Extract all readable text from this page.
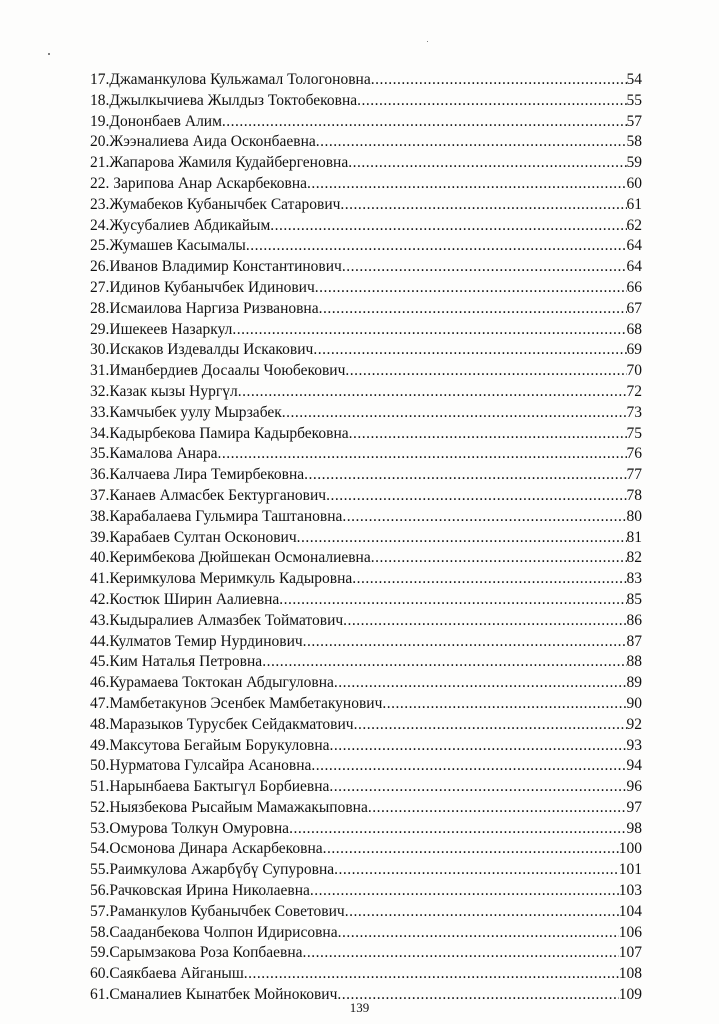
17.Джаманкулова Кульжамал Тологоновна .....	54
18.Джылкычиева Жылдыз Токтобековна .....	55
19.Донoнбаев Алим .....	57
20.Жээналиева Аида Осконбаевна .....	58
21.Жапарова Жамиля Кудайбергеновна .....	59
22. Зарипова Анар Аскарбековна .....	60
23.Жумабеков Кубанычбек Сатарович .....	61
24.Жусубалиев Абдикайым .....	62
25.Жумашев Касымалы .....	64
26.Иванов Владимир Константинович .....	64
27.Идинов Кубанычбек Идинович .....	66
28.Исмаилова Наргиза Ризвановна .....	67
29.Ишекеев Назаркул .....	68
30.Искаков Издевалды Искакович .....	69
31.Иманбердиев Досаалы Чоюбекович .....	70
32.Казак кызы Нургүл .....	72
33.Камчыбек уулу Мырзабек .....	73
34.Кадырбекова Памира Кадырбековна .....	75
35.Камалова Анара .....	76
36.Калчаева Лира Темирбековна .....	77
37.Канаев Алмасбек Бектурганович .....	78
38.Карабалаева Гульмира Таштановна .....	80
39.Карабаев Султан Осконович .....	81
40.Керимбекова Дюйшекан Осмоналиевна .....	82
41.Керимкулова Меримкуль Кадыровна .....	83
42.Костюк Ширин Аалиевна .....	85
43.Кыдыралиев Алмазбек Тойматович .....	86
44.Кулматов Темир Нурдинович .....	87
45.Ким Наталья Петровна .....	88
46.Курамаева Токтокан Абдыгуловна .....	89
47.Мамбетакунов Эсенбек Мамбетакунович .....	90
48.Маразыков Турусбек Сейдакматович .....	92
49.Максутова Бегайым Борукуловна .....	93
50.Нурматова Гулсайра Асановна .....	94
51.Нарынбаева Бактыгүл Борбиевна .....	96
52.Ныязбекова Рысайым Мамажакыповна .....	97
53.Омурова Толкун Омуровна .....	98
54.Осмонова Динара Аскарбековна .....	100
55.Раимкулова Ажарбүбү Супуровна .....	101
56.Рачковская Ирина Николаевна .....	103
57.Раманкулов Кубанычбек Советович .....	104
58.Сааданбекова Чолпон Идирисовна .....	106
59.Сарымзакова Роза Копбаевна .....	107
60.Саякбаева Айганыш .....	108
61.Сманалиев Кынатбек Мойнокович .....	109
139
